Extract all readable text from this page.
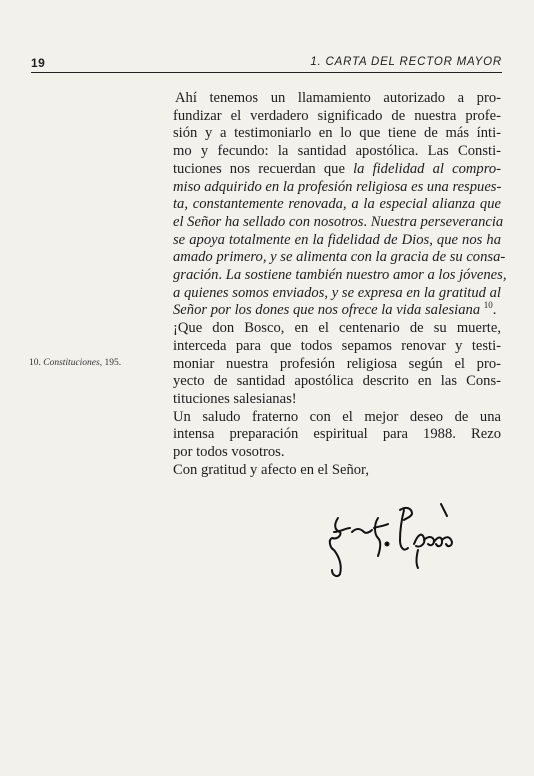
19	1. CARTA DEL RECTOR MAYOR
Ahí tenemos un llamamiento autorizado a pro-
fundizar el verdadero significado de nuestra profe-
sión y a testimoniarlo en lo que tiene de más ínti-
mo y fecundo: la santidad apostólica. Las Consti-
tuciones nos recuerdan que la fidelidad al compro-
miso adquirido en la profesión religiosa es una respues-
ta, constantemente renovada, a la especial alianza que
el Señor ha sellado con nosotros. Nuestra perseverancia
se apoya totalmente en la fidelidad de Dios, que nos ha
amado primero, y se alimenta con la gracia de su consa-
gración. La sostiene también nuestro amor a los jóvenes,
a quienes somos enviados, y se expresa en la gratitud al
Señor por los dones que nos ofrece la vida salesiana $^{10}$.
¡Que don Bosco, en el centenario de su muerte,
interceda para que todos sepamos renovar y testi-
moniar nuestra profesión religiosa según el pro-
yecto de santidad apostólica descrito en las Cons-
tituciones salesianas!
Un saludo fraterno con el mejor deseo de una
intensa preparación espiritual para 1988. Rezo
por todos vosotros.
Con gratitud y afecto en el Señor,
10. Constituciones, 195.
